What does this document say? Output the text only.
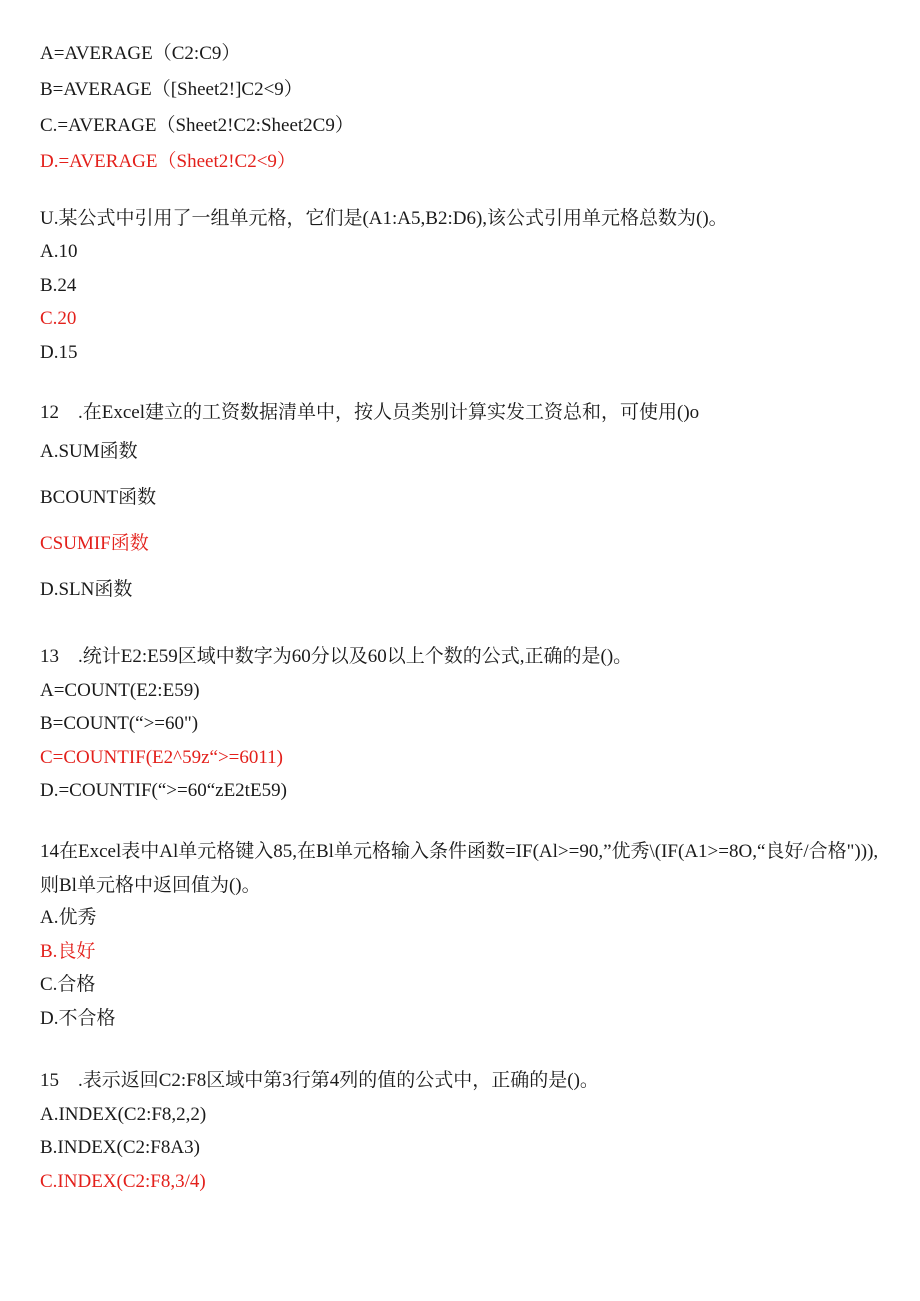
A=AVERAGE（C2:C9）
B=AVERAGE（[Sheet2!]C2<9）
C.=AVERAGE（Sheet2!C2:Sheet2C9）
D.=AVERAGE（Sheet2!C2<9）
U.某公式中引用了一组单元格，它们是(A1:A5,B2:D6),该公式引用单元格总数为()。
A.10
B.24
C.20
D.15
12　.在Excel建立的工资数据清单中，按人员类别计算实发工资总和，可使用()o
A.SUM函数
BCOUNT函数
CSUMIF函数
D.SLN函数
13　.统计E2:E59区域中数字为60分以及60以上个数的公式,正确的是()。
A=COUNT(E2:E59)
B=COUNT(“>=60")
C=COUNTIF(E2^59z“>=6011)
D.=COUNTIF(“>=60“zE2tE59)
14在Excel表中Al单元格键入85,在Bl单元格输入条件函数=IF(Al>=90,”优秀\(IF(A1>=8O,“良好/合格"))),则Bl单元格中返回值为()。
A.优秀
B.良好
C.合格
D.不合格
15　.表示返回C2:F8区域中第3行第4列的值的公式中，正确的是()。
A.INDEX(C2:F8,2,2)
B.INDEX(C2:F8A3)
C.INDEX(C2:F8,3/4)
